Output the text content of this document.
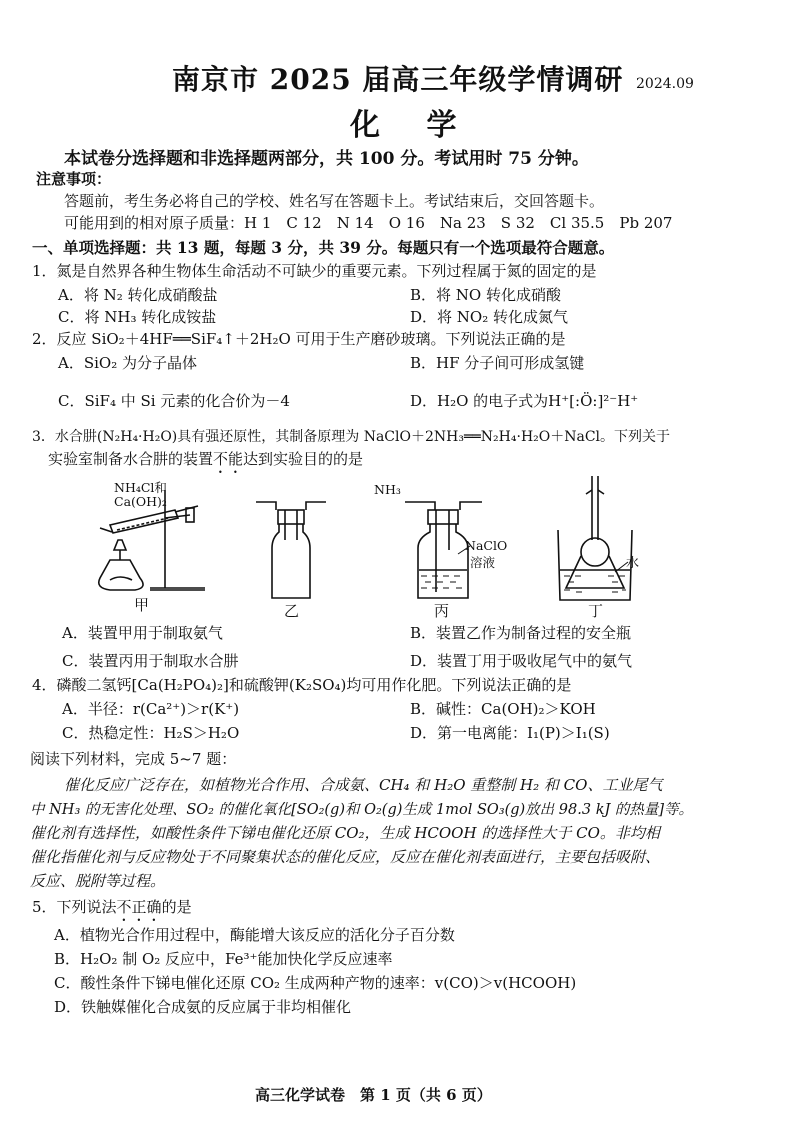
南京市 2025 届高三年级学情调研 2024.09
化 学
本试卷分选择题和非选择题两部分，共 100 分。考试用时 75 分钟。
注意事项：
答题前，考生务必将自己的学校、姓名写在答题卡上。考试结束后，交回答题卡。
可能用到的相对原子质量：H 1　C 12　N 14　O 16　Na 23　S 32　Cl 35.5　Pb 207
一、单项选择题：共 13 题，每题 3 分，共 39 分。每题只有一个选项最符合题意。
1．氮是自然界各种生物体生命活动不可缺少的重要元素。下列过程属于氮的固定的是
A．将 N₂ 转化成硝酸盐	B．将 NO 转化成硝酸
C．将 NH₃ 转化成铵盐	D．将 NO₂ 转化成氮气
2．反应 SiO₂＋4HF══SiF₄↑＋2H₂O 可用于生产磨砂玻璃。下列说法正确的是
A．SiO₂ 为分子晶体	B．HF 分子间可形成氢键
C．SiF₄ 中 Si 元素的化合价为－4	D．H₂O 的电子式为H⁺[:Ö:]²⁻H⁺
3．水合肼(N₂H₄·H₂O)具有强还原性，其制备原理为 NaClO＋2NH₃══N₂H₄·H₂O＋NaCl。下列关于
实验室制备水合肼的装置不能达到实验目的的是
NH₄Cl和
Ca(OH)₂
NH₃
NaClO
溶液	水
甲	乙	丙	丁
A．装置甲用于制取氨气	B．装置乙作为制备过程的安全瓶
C．装置丙用于制取水合肼	D．装置丁用于吸收尾气中的氨气
4．磷酸二氢钙[Ca(H₂PO₄)₂]和硫酸钾(K₂SO₄)均可用作化肥。下列说法正确的是
A．半径：r(Ca²⁺)＞r(K⁺)	B．碱性：Ca(OH)₂＞KOH
C．热稳定性：H₂S＞H₂O	D．第一电离能：I₁(P)＞I₁(S)
阅读下列材料，完成 5~7 题：
催化反应广泛存在，如植物光合作用、合成氨、CH₄ 和 H₂O 重整制 H₂ 和 CO、工业尾气
中 NH₃ 的无害化处理、SO₂ 的催化氧化[SO₂(g)和 O₂(g)生成 1mol SO₃(g)放出 98.3 kJ 的热量]等。
催化剂有选择性，如酸性条件下锑电催化还原 CO₂，生成 HCOOH 的选择性大于 CO。非均相
催化指催化剂与反应物处于不同聚集状态的催化反应，反应在催化剂表面进行，主要包括吸附、
反应、脱附等过程。
5．下列说法不正确的是
A．植物光合作用过程中，酶能增大该反应的活化分子百分数
B．H₂O₂ 制 O₂ 反应中，Fe³⁺能加快化学反应速率
C．酸性条件下锑电催化还原 CO₂ 生成两种产物的速率：v(CO)＞v(HCOOH)
D．铁触媒催化合成氨的反应属于非均相催化
高三化学试卷　第 1 页（共 6 页）
